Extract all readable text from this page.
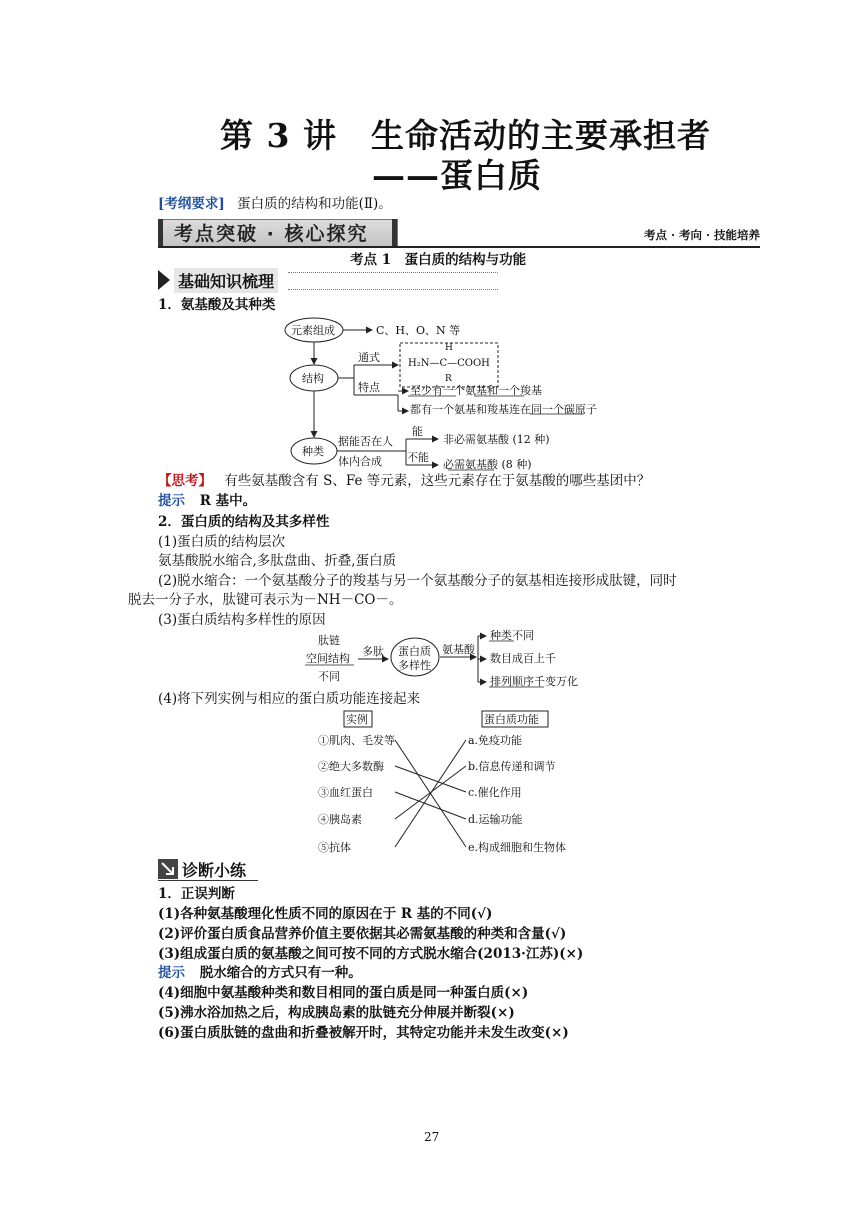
第 3 讲　生命活动的主要承担者
——蛋白质
[考纲要求] 蛋白质的结构和功能(Ⅱ)。
考点突破 · 核心探究	考点 · 考向 · 技能培养
考点 1　蛋白质的结构与功能
基础知识梳理
1．氨基酸及其种类
元素组成	C、H、O、N 等
结构
通式
H
H₂N—C—COOH
R
特点	至少有一个氨基和一个羧基
都有一个氨基和羧基连在同一个碳原子
种类
据能否在人
体内合成
能
不能
非必需氨基酸 (12 种)
必需氨基酸 (8 种)
【思考】 有些氨基酸含有 S、Fe 等元素，这些元素存在于氨基酸的哪些基团中？
提示 R 基中。
2．蛋白质的结构及其多样性
(1)蛋白质的结构层次
氨基酸脱水缩合,多肽盘曲、折叠,蛋白质
(2)脱水缩合：一个氨基酸分子的羧基与另一个氨基酸分子的氨基相连接形成肽键，同时
脱去一分子水，肽键可表示为－NH－CO－。
(3)蛋白质结构多样性的原因
肽链
空间结构
不同
多肽 蛋白质
多样性
氨基酸
种类不同
数目成百上千
排列顺序千变万化
(4)将下列实例与相应的蛋白质功能连接起来
实例	蛋白质功能
①肌肉、毛发等
②绝大多数酶
③血红蛋白
④胰岛素
⑤抗体
a.免疫功能
b.信息传递和调节
c.催化作用
d.运输功能
e.构成细胞和生物体
诊断小练
1．正误判断
(1)各种氨基酸理化性质不同的原因在于 R 基的不同(√)
(2)评价蛋白质食品营养价值主要依据其必需氨基酸的种类和含量(√)
(3)组成蛋白质的氨基酸之间可按不同的方式脱水缩合(2013·江苏)(×)
提示 脱水缩合的方式只有一种。
(4)细胞中氨基酸种类和数目相同的蛋白质是同一种蛋白质(×)
(5)沸水浴加热之后，构成胰岛素的肽链充分伸展并断裂(×)
(6)蛋白质肽链的盘曲和折叠被解开时，其特定功能并未发生改变(×)
27
